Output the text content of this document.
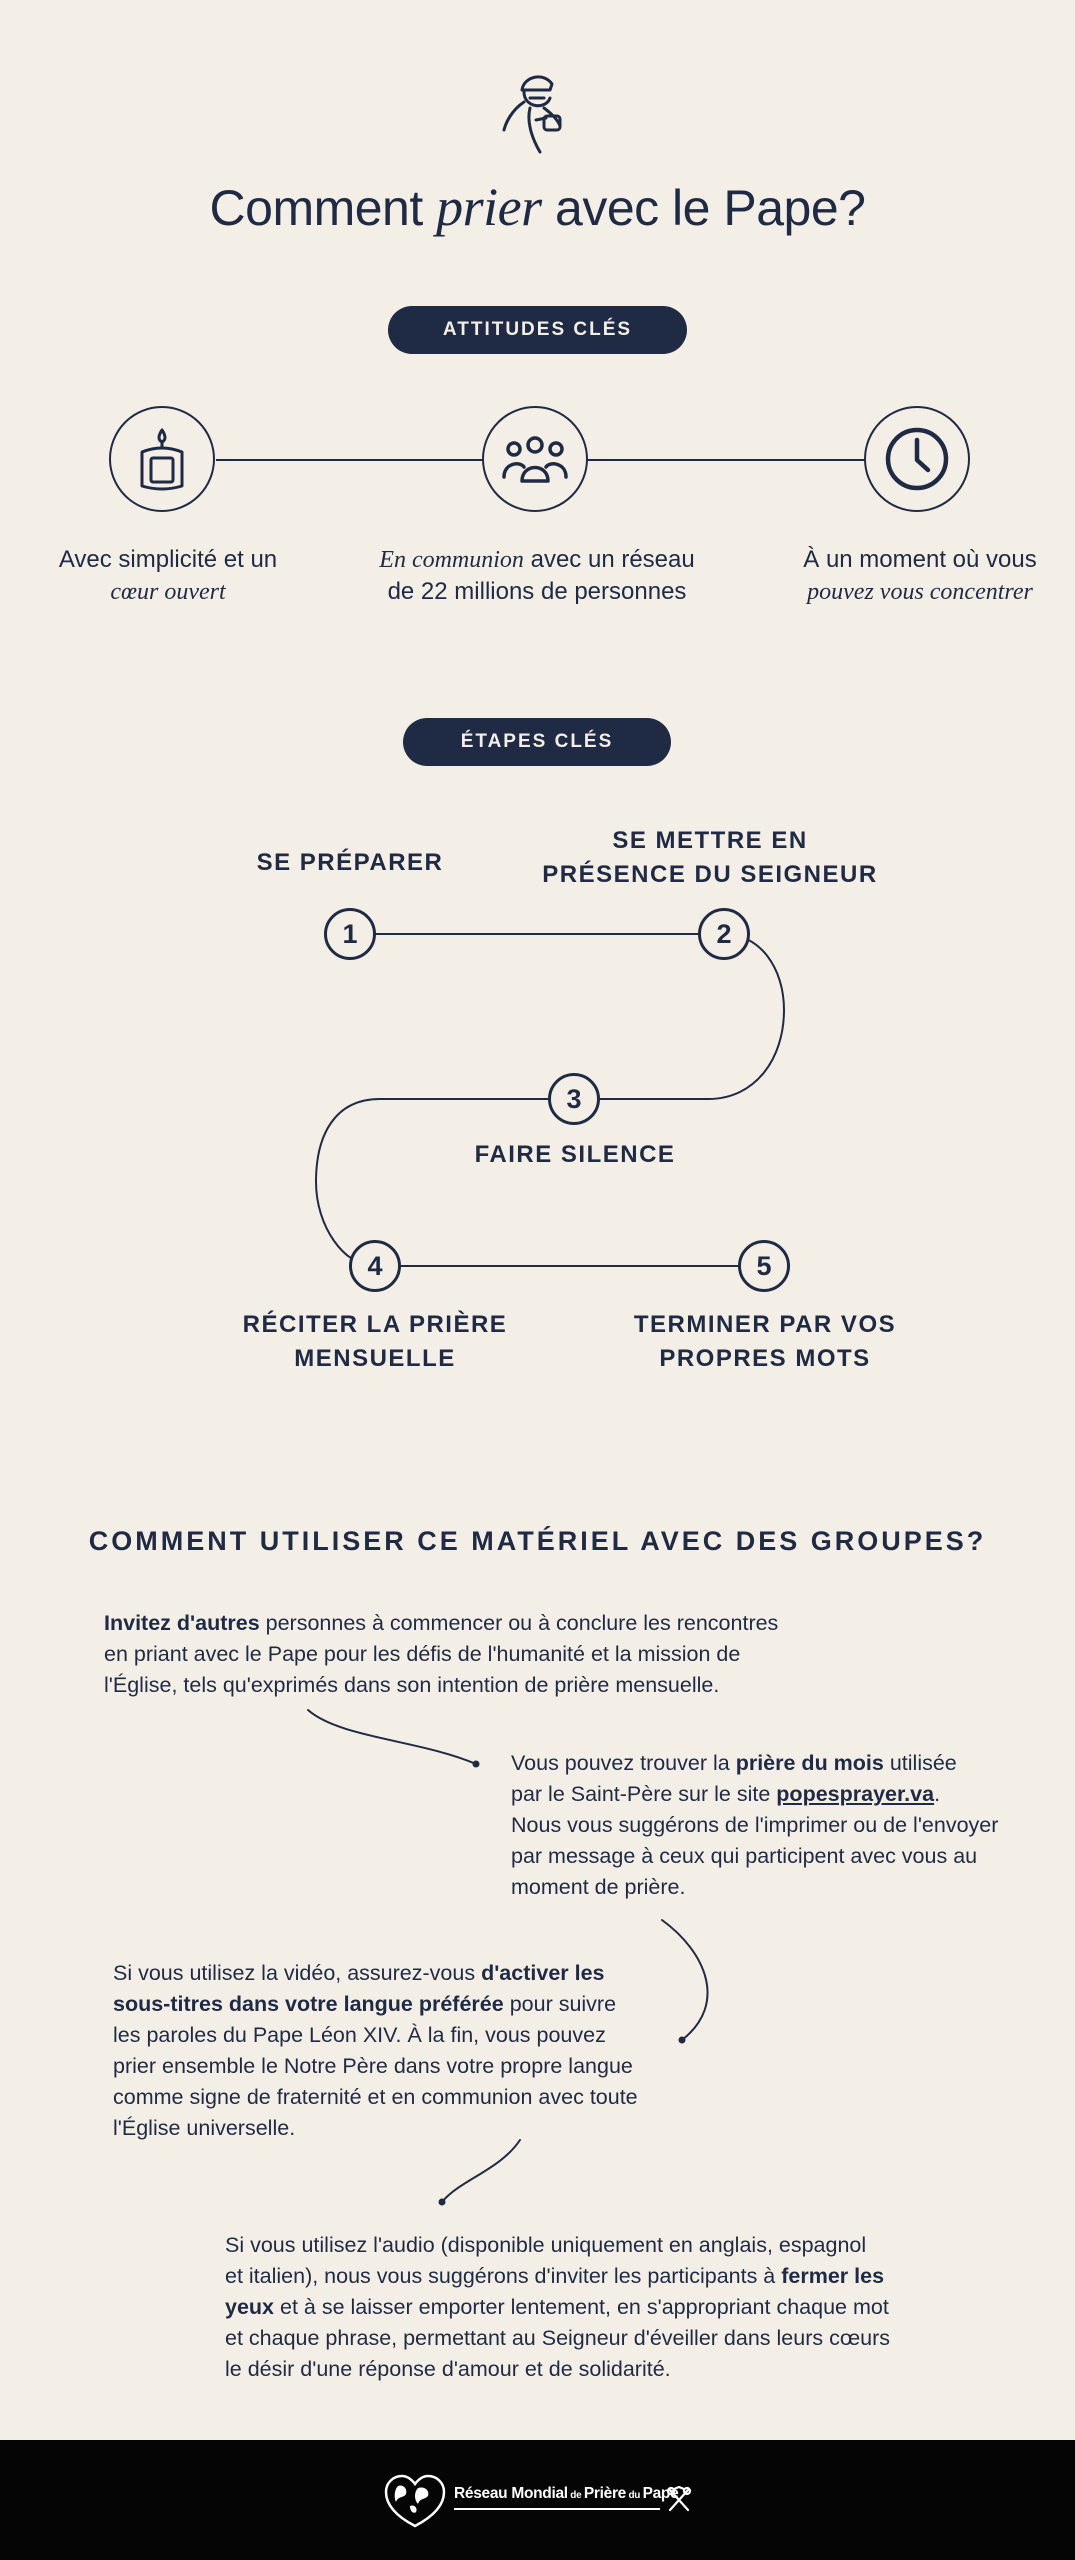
Comment prier avec le Pape?
ATTITUDES CLÉS
Avec simplicité et un
cœur ouvert
En communion avec un réseau
de 22 millions de personnes
À un moment où vous
pouvez vous concentrer
ÉTAPES CLÉS
1	2
3
4	5
SE PRÉPARER
SE METTRE EN
PRÉSENCE DU SEIGNEUR
FAIRE SILENCE
RÉCITER LA PRIÈRE
MENSUELLE
TERMINER PAR VOS
PROPRES MOTS
COMMENT UTILISER CE MATÉRIEL AVEC DES GROUPES?
Invitez d'autres personnes à commencer ou à conclure les rencontres
en priant avec le Pape pour les défis de l'humanité et la mission de
l'Église, tels qu'exprimés dans son intention de prière mensuelle.
Vous pouvez trouver la prière du mois utilisée
par le Saint-Père sur le site popesprayer.va.
Nous vous suggérons de l'imprimer ou de l'envoyer
par message à ceux qui participent avec vous au
moment de prière.
Si vous utilisez la vidéo, assurez-vous d'activer les
sous-titres dans votre langue préférée pour suivre
les paroles du Pape Léon XIV. À la fin, vous pouvez
prier ensemble le Notre Père dans votre propre langue
comme signe de fraternité et en communion avec toute
l'Église universelle.
Si vous utilisez l'audio (disponible uniquement en anglais, espagnol
et italien), nous vous suggérons d'inviter les participants à fermer les
yeux et à se laisser emporter lentement, en s'appropriant chaque mot
et chaque phrase, permettant au Seigneur d'éveiller dans leurs cœurs
le désir d'une réponse d'amour et de solidarité.
Réseau Mondial de Prière du Pape
